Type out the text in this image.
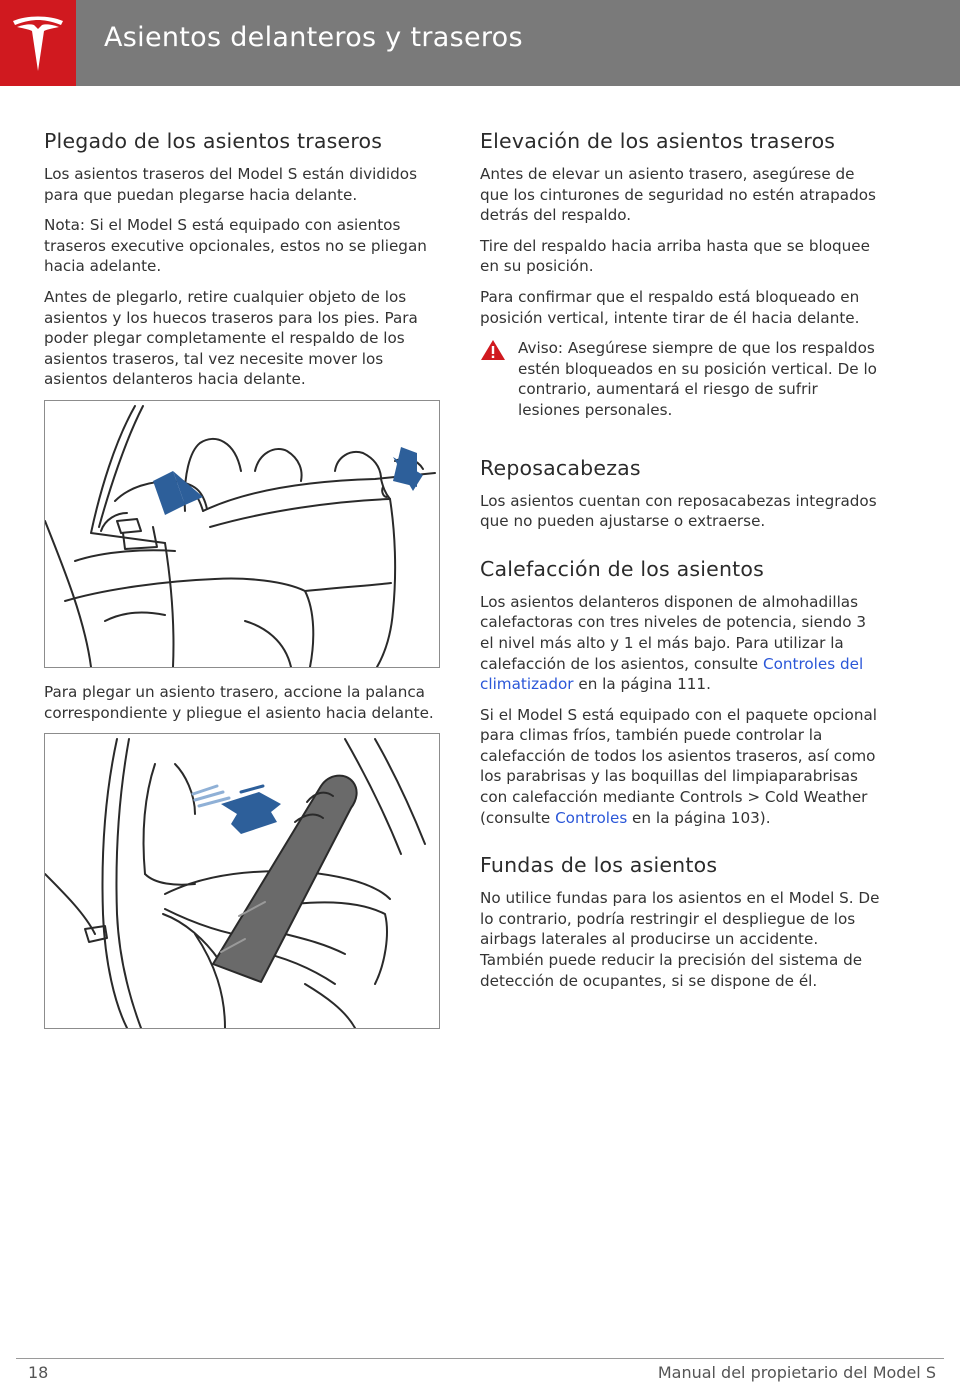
Asientos delanteros y traseros
Plegado de los asientos traseros

Los asientos traseros del Model S están divididos para que puedan plegarse hacia delante.

Nota: Si el Model S está equipado con asientos traseros executive opcionales, estos no se pliegan hacia adelante.

Antes de plegarlo, retire cualquier objeto de los asientos y los huecos traseros para los pies. Para poder plegar completamente el respaldo de los asientos traseros, tal vez necesite mover los asientos delanteros hacia delante.

Para plegar un asiento trasero, accione la palanca correspondiente y pliegue el asiento hacia delante.

Elevación de los asientos traseros

Antes de elevar un asiento trasero, asegúrese de que los cinturones de seguridad no estén atrapados detrás del respaldo.

Tire del respaldo hacia arriba hasta que se bloquee en su posición.

Para confirmar que el respaldo está bloqueado en posición vertical, intente tirar de él hacia delante.

Aviso: Asegúrese siempre de que los respaldos estén bloqueados en su posición vertical. De lo contrario, aumentará el riesgo de sufrir lesiones personales.

Reposacabezas

Los asientos cuentan con reposacabezas integrados que no pueden ajustarse o extraerse.

Calefacción de los asientos

Los asientos delanteros disponen de almohadillas calefactoras con tres niveles de potencia, siendo 3 el nivel más alto y 1 el más bajo. Para utilizar la calefacción de los asientos, consulte Controles del climatizador en la página 111.

Si el Model S está equipado con el paquete opcional para climas fríos, también puede controlar la calefacción de todos los asientos traseros, así como los parabrisas y las boquillas del limpiaparabrisas con calefacción mediante Controls > Cold Weather (consulte Controles en la página 103).

Fundas de los asientos

No utilice fundas para los asientos en el Model S. De lo contrario, podría restringir el despliegue de los airbags laterales al producirse un accidente. También puede reducir la precisión del sistema de detección de ocupantes, si se dispone de él.

18	Manual del propietario del Model S
